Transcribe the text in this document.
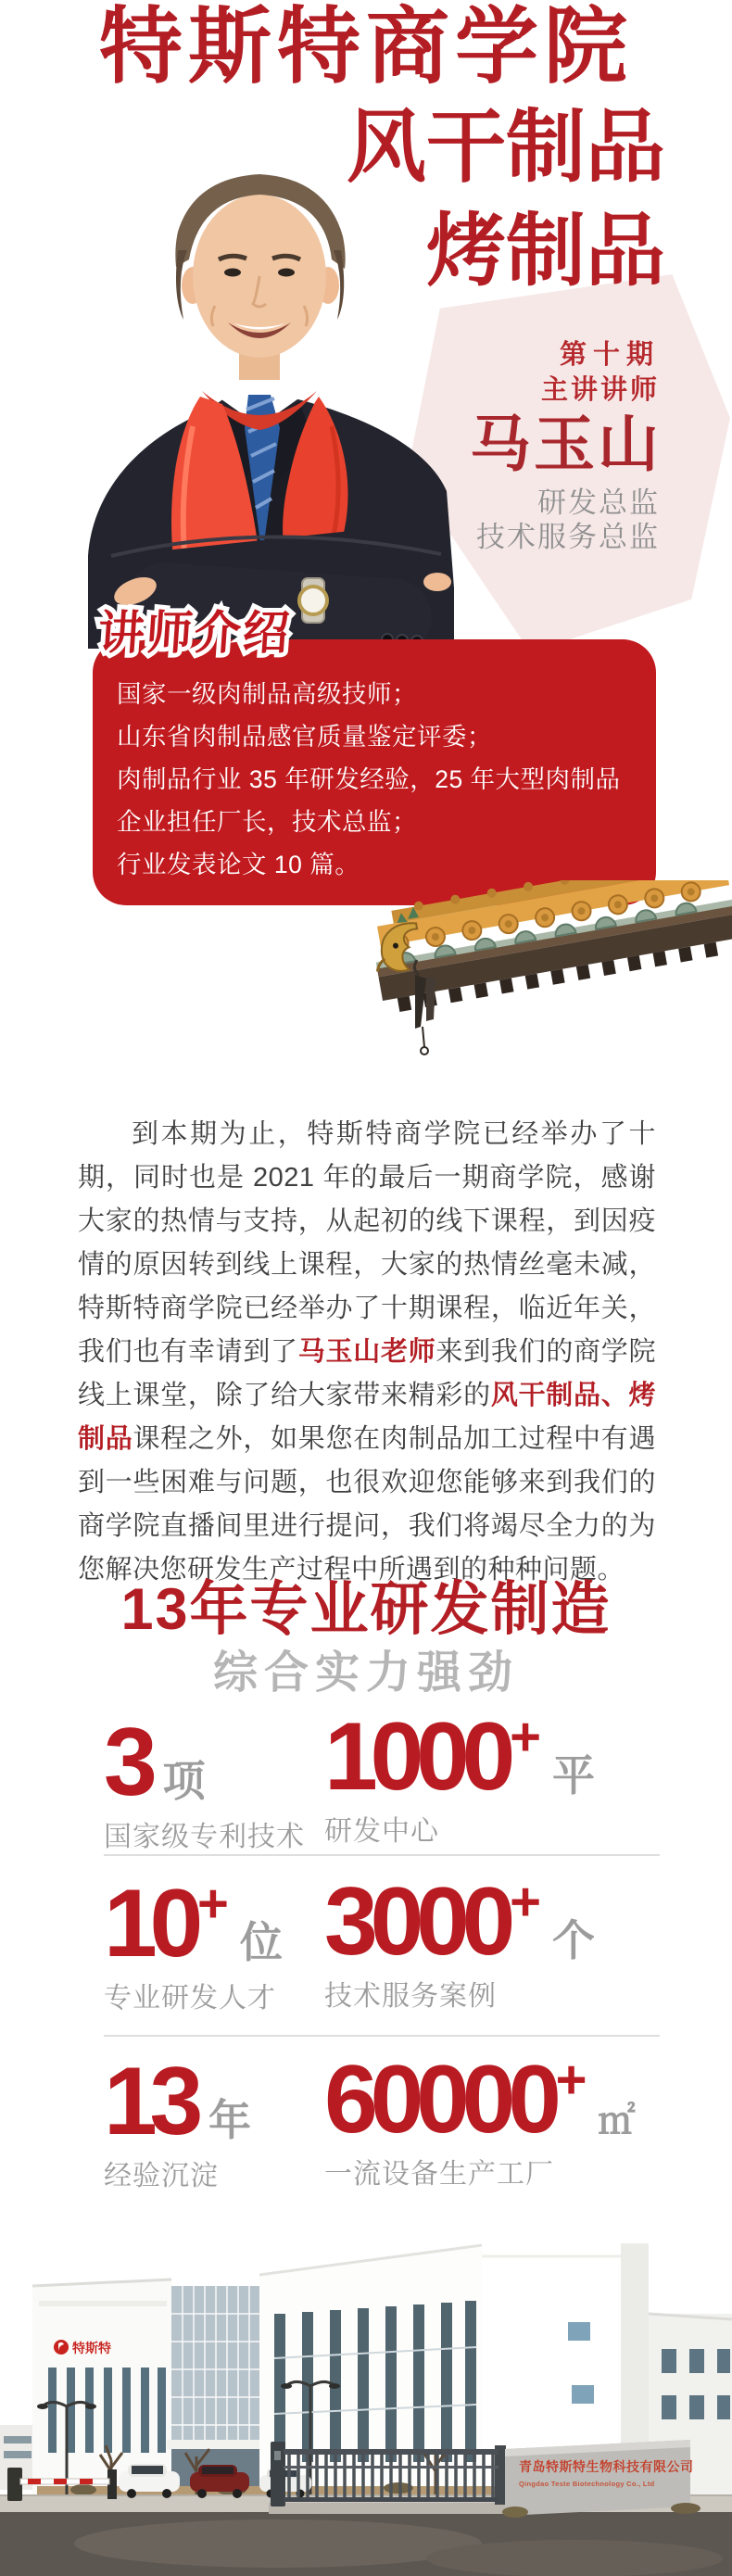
特斯特商学院
风干制品
烤制品
第十期
主讲讲师
马玉山
研发总监
技术服务总监
讲师介绍

国家一级肉制品高级技师；

山东省肉制品感官质量鉴定评委；

肉制品行业 35 年研发经验，25 年大型肉制品企业担任厂长，技术总监；

行业发表论文 10 篇。

到本期为止，特斯特商学院已经举办了十期，同时也是 2021 年的最后一期商学院，感谢大家的热情与支持，从起初的线下课程，到因疫情的原因转到线上课程，大家的热情丝毫未减，特斯特商学院已经举办了十期课程，临近年关，我们也有幸请到了马玉山老师来到我们的商学院线上课堂，除了给大家带来精彩的风干制品、烤制品课程之外，如果您在肉制品加工过程中有遇到一些困难与问题，也很欢迎您能够来到我们的商学院直播间里进行提问，我们将竭尽全力的为您解决您研发生产过程中所遇到的种种问题。

13年专业研发制造
综合实力强劲
3 项
国家级专利技术
1000 +
平
研发中心
10 +
位
专业研发人才
3000 +
个
技术服务案例
13 年
经验沉淀
60000 +
㎡
一流设备生产工厂
特斯特
青岛特斯特生物科技有限公司
Qingdao Teste Biotechnology Co., Ltd
